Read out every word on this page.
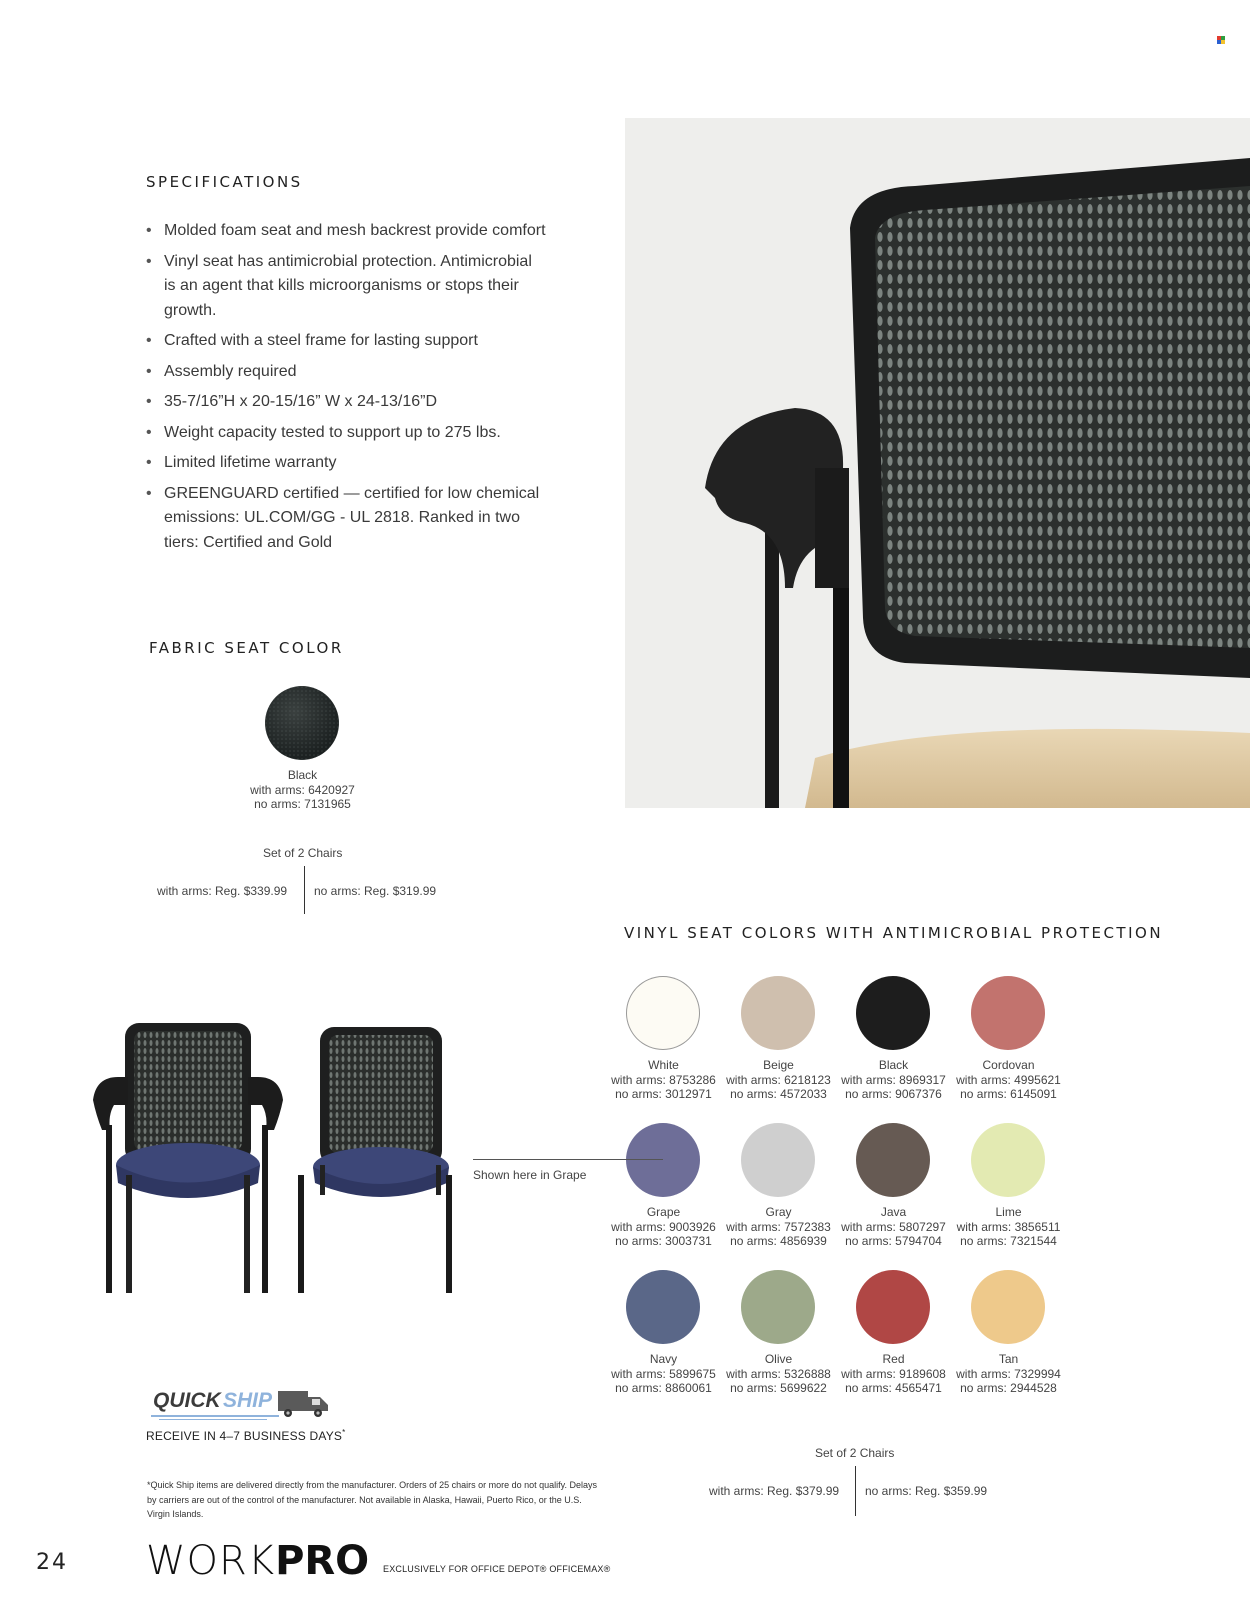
SPECIFICATIONS
• Molded foam seat and mesh backrest provide comfort
• Vinyl seat has antimicrobial protection. Antimicrobial is an agent that kills microorganisms or stops their growth.
• Crafted with a steel frame for lasting support
• Assembly required
• 35-7/16”H x 20-15/16” W x 24-13/16”D
• Weight capacity tested to support up to 275 lbs.
• Limited lifetime warranty
• GREENGUARD certified — certified for low chemical emissions: UL.COM/GG - UL 2818. Ranked in two tiers: Certified and Gold
FABRIC SEAT COLOR
Black
with arms: 6420927
no arms: 7131965
Set of 2 Chairs
with arms: Reg. $339.99 no arms: Reg. $319.99
VINYL SEAT COLORS WITH ANTIMICROBIAL PROTECTION
White
with arms: 8753286
no arms: 3012971
Beige
with arms: 6218123
no arms: 4572033
Black
with arms: 8969317
no arms: 9067376
Cordovan
with arms: 4995621
no arms: 6145091
Grape
with arms: 9003926
no arms: 3003731
Gray
with arms: 7572383
no arms: 4856939
Java
with arms: 5807297
no arms: 5794704
Lime
with arms: 3856511
no arms: 7321544
Navy
with arms: 5899675
no arms: 8860061
Olive
with arms: 5326888
no arms: 5699622
Red
with arms: 9189608
no arms: 4565471
Tan
with arms: 7329994
no arms: 2944528
Shown here in Grape
Set of 2 Chairs
with arms: Reg. $379.99 no arms: Reg. $359.99
QUICK SHIP
RECEIVE IN 4–7 BUSINESS DAYS*
*Quick Ship items are delivered directly from the manufacturer. Orders of 25 chairs or more do not qualify. Delays by carriers are out of the control of the manufacturer. Not available in Alaska, Hawaii, Puerto Rico, or the U.S. Virgin Islands.
24 WORKPRO EXCLUSIVELY FOR OFFICE DEPOT® OFFICEMAX®
